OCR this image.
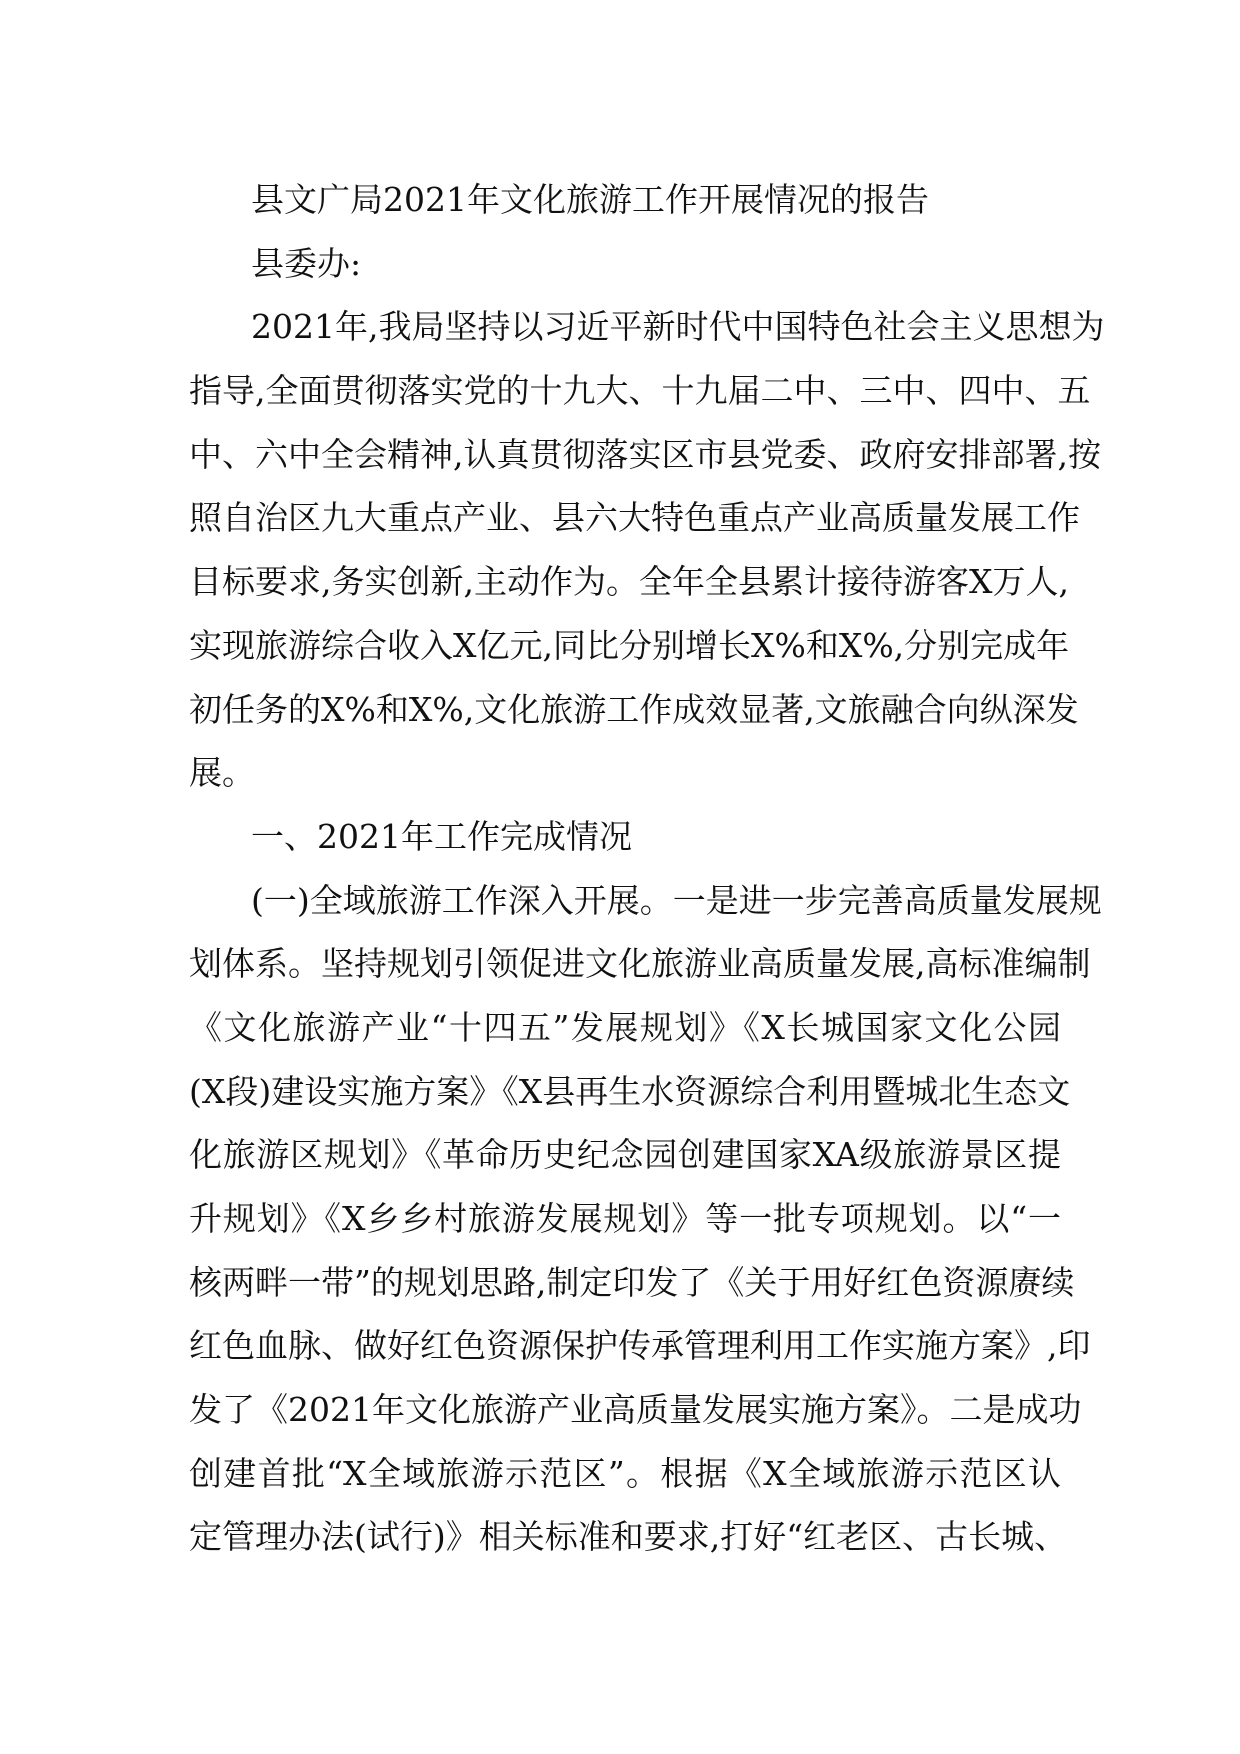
县文广局2021年文化旅游工作开展情况的报告
县委办:
2021年,我局坚持以习近平新时代中国特色社会主义思想为
指导,全面贯彻落实党的十九大、十九届二中、三中、四中、五
中、六中全会精神,认真贯彻落实区市县党委、政府安排部署,按
照自治区九大重点产业、县六大特色重点产业高质量发展工作
目标要求,务实创新,主动作为。全年全县累计接待游客X万人,
实现旅游综合收入X亿元,同比分别增长X%和X%,分别完成年
初任务的X%和X%,文化旅游工作成效显著,文旅融合向纵深发
展。
一、2021年工作完成情况
(一)全域旅游工作深入开展。一是进一步完善高质量发展规
划体系。坚持规划引领促进文化旅游业高质量发展,高标准编制
《文化旅游产业“十四五”发展规划》《X长城国家文化公园
(X段)建设实施方案》《X县再生水资源综合利用暨城北生态文
化旅游区规划》《革命历史纪念园创建国家XA级旅游景区提
升规划》《X乡乡村旅游发展规划》等一批专项规划。以“一
核两畔一带”的规划思路,制定印发了《关于用好红色资源赓续
红色血脉、做好红色资源保护传承管理利用工作实施方案》,印
发了《2021年文化旅游产业高质量发展实施方案》。二是成功
创建首批“X全域旅游示范区”。根据《X全域旅游示范区认
定管理办法(试行)》相关标准和要求,打好“红老区、古长城、
